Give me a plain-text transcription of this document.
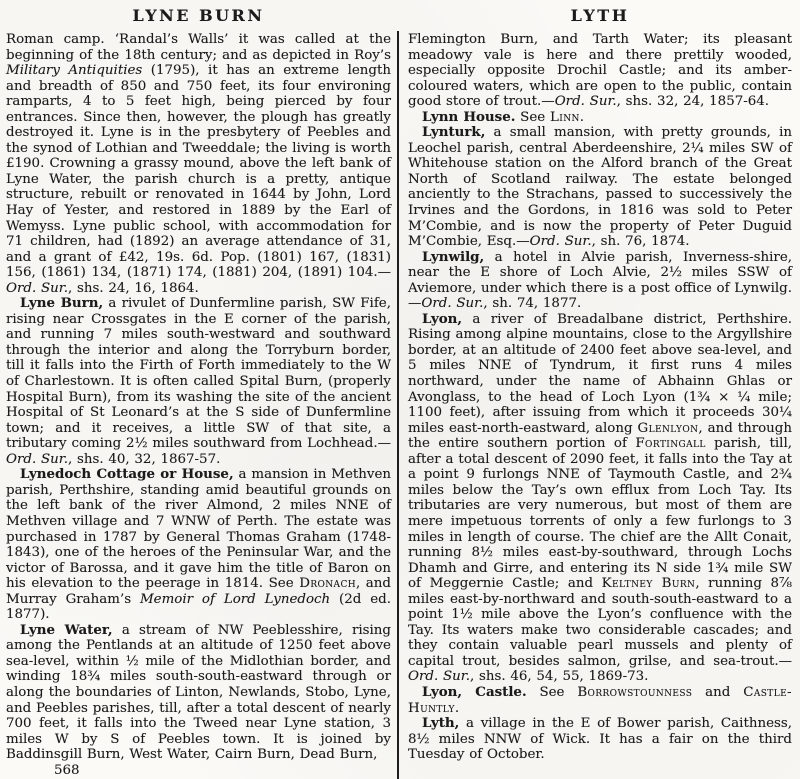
LYNE BURN

Roman camp. ‘Randal’s Walls’ it was called at the beginning of the 18th century; and as depicted in Roy’s Military Antiquities (1795), it has an extreme length and breadth of 850 and 750 feet, its four environing ramparts, 4 to 5 feet high, being pierced by four entrances. Since then, however, the plough has greatly destroyed it. Lyne is in the presbytery of Peebles and the synod of Lothian and Tweeddale; the living is worth £190. Crowning a grassy mound, above the left bank of Lyne Water, the parish church is a pretty, antique structure, rebuilt or renovated in 1644 by John, Lord Hay of Yester, and restored in 1889 by the Earl of Wemyss. Lyne public school, with accommodation for 71 children, had (1892) an average attendance of 31, and a grant of £42, 19s. 6d. Pop. (1801) 167, (1831) 156, (1861) 134, (1871) 174, (1881) 204, (1891) 104.—Ord. Sur., shs. 24, 16, 1864.

Lyne Burn, a rivulet of Dunfermline parish, SW Fife, rising near Crossgates in the E corner of the parish, and running 7 miles south-westward and southward through the interior and along the Torryburn border, till it falls into the Firth of Forth immediately to the W of Charlestown. It is often called Spital Burn, (properly Hospital Burn), from its washing the site of the ancient Hospital of St Leonard’s at the S side of Dunfermline town; and it receives, a little SW of that site, a tributary coming 2½ miles southward from Lochhead.—Ord. Sur., shs. 40, 32, 1867-57.

Lynedoch Cottage or House, a mansion in Methven parish, Perthshire, standing amid beautiful grounds on the left bank of the river Almond, 2 miles NNE of Methven village and 7 WNW of Perth. The estate was purchased in 1787 by General Thomas Graham (1748-1843), one of the heroes of the Peninsular War, and the victor of Barossa, and it gave him the title of Baron on his elevation to the peerage in 1814. See Dronach, and Murray Graham’s Memoir of Lord Lynedoch (2d ed. 1877).

Lyne Water, a stream of NW Peeblesshire, rising among the Pentlands at an altitude of 1250 feet above sea-level, within ½ mile of the Midlothian border, and winding 18¾ miles south-south-eastward through or along the boundaries of Linton, Newlands, Stobo, Lyne, and Peebles parishes, till, after a total descent of nearly 700 feet, it falls into the Tweed near Lyne station, 3 miles W by S of Peebles town. It is joined by Baddinsgill Burn, West Water, Cairn Burn, Dead Burn,

568
LYTH

Flemington Burn, and Tarth Water; its pleasant meadowy vale is here and there prettily wooded, especially opposite Drochil Castle; and its amber-coloured waters, which are open to the public, contain good store of trout.—Ord. Sur., shs. 32, 24, 1857-64.

Lynn House. See Linn.

Lynturk, a small mansion, with pretty grounds, in Leochel parish, central Aberdeenshire, 2¼ miles SW of Whitehouse station on the Alford branch of the Great North of Scotland railway. The estate belonged anciently to the Strachans, passed to successively the Irvines and the Gordons, in 1816 was sold to Peter M’Combie, and is now the property of Peter Duguid M’Combie, Esq.—Ord. Sur., sh. 76, 1874.

Lynwilg, a hotel in Alvie parish, Inverness-shire, near the E shore of Loch Alvie, 2½ miles SSW of Aviemore, under which there is a post office of Lynwilg.—Ord. Sur., sh. 74, 1877.

Lyon, a river of Breadalbane district, Perthshire. Rising among alpine mountains, close to the Argyllshire border, at an altitude of 2400 feet above sea-level, and 5 miles NNE of Tyndrum, it first runs 4 miles northward, under the name of Abhainn Ghlas or Avonglass, to the head of Loch Lyon (1¾ × ¼ mile; 1100 feet), after issuing from which it proceeds 30¼ miles east-north-eastward, along Glenlyon, and through the entire southern portion of Fortingall parish, till, after a total descent of 2090 feet, it falls into the Tay at a point 9 furlongs NNE of Taymouth Castle, and 2¾ miles below the Tay’s own efflux from Loch Tay. Its tributaries are very numerous, but most of them are mere impetuous torrents of only a few furlongs to 3 miles in length of course. The chief are the Allt Conait, running 8½ miles east-by-southward, through Lochs Dhamh and Girre, and entering its N side 1¾ mile SW of Meggernie Castle; and Keltney Burn, running 8⅞ miles east-by-northward and south-south-eastward to a point 1½ mile above the Lyon’s confluence with the Tay. Its waters make two considerable cascades; and they contain valuable pearl mussels and plenty of capital trout, besides salmon, grilse, and sea-trout.—Ord. Sur., shs. 46, 54, 55, 1869-73.

Lyon, Castle. See Borrowstounness and Castle-Huntly.

Lyth, a village in the E of Bower parish, Caithness, 8½ miles NNW of Wick. It has a fair on the third Tuesday of October.
